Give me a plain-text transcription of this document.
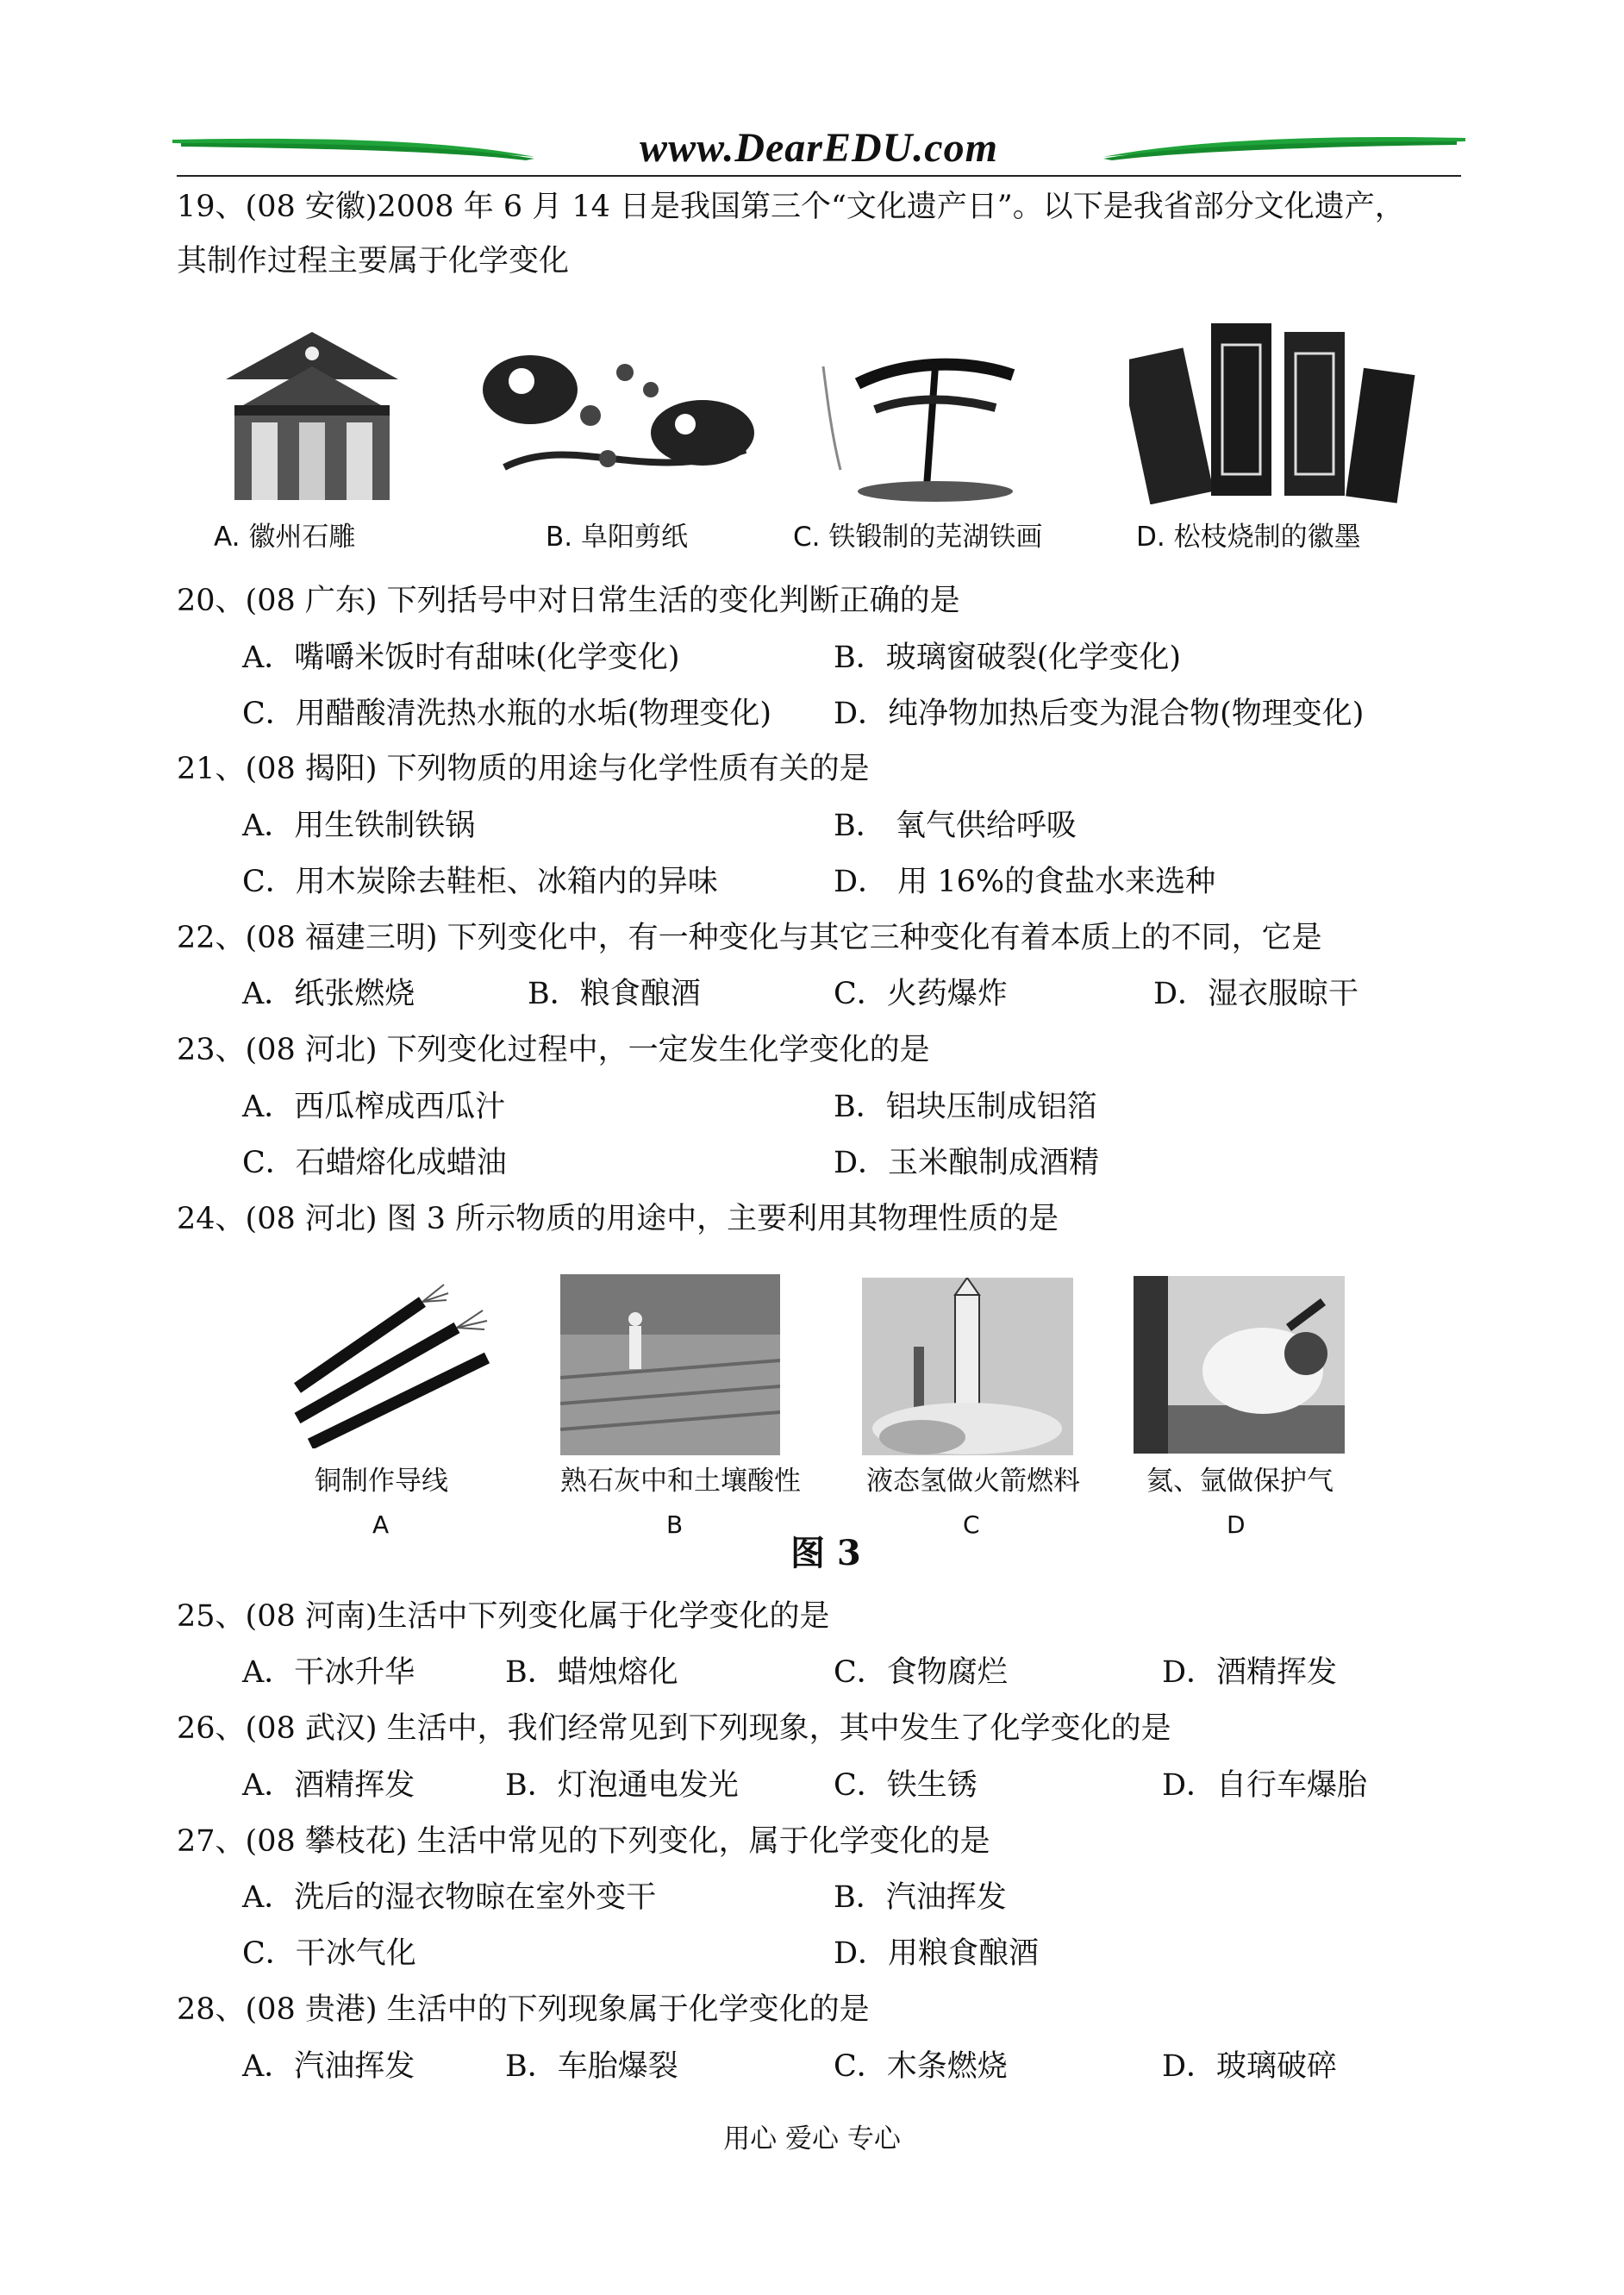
www.DearEDU.com
19、(08 安徽)2008 年 6 月 14 日是我国第三个“文化遗产日”。以下是我省部分文化遗产，
其制作过程主要属于化学变化
A. 徽州石雕	B. 阜阳剪纸	C. 铁锻制的芜湖铁画	D. 松枝烧制的徽墨
20、(08 广东) 下列括号中对日常生活的变化判断正确的是
A．嘴嚼米饭时有甜味(化学变化)	B．玻璃窗破裂(化学变化)
C．用醋酸清洗热水瓶的水垢(物理变化) D．纯净物加热后变为混合物(物理变化)
21、(08 揭阳) 下列物质的用途与化学性质有关的是
A．用生铁制铁锅	B． 氧气供给呼吸
C．用木炭除去鞋柜、冰箱内的异味	D． 用 16%的食盐水来选种
22、(08 福建三明) 下列变化中，有一种变化与其它三种变化有着本质上的不同，它是
A．纸张燃烧	B．粮食酿酒	C．火药爆炸	D．湿衣服晾干
23、(08 河北) 下列变化过程中，一定发生化学变化的是
A．西瓜榨成西瓜汁	B．铝块压制成铝箔
C．石蜡熔化成蜡油	D．玉米酿制成酒精
24、(08 河北) 图 3 所示物质的用途中，主要利用其物理性质的是
铜制作导线
A
熟石灰中和土壤酸性
B
液态氢做火箭燃料
C
氦、氩做保护气
D
图 3
25、(08 河南)生活中下列变化属于化学变化的是
A．干冰升华	B．蜡烛熔化	C．食物腐烂	D．酒精挥发
26、(08 武汉) 生活中，我们经常见到下列现象，其中发生了化学变化的是
A．酒精挥发	B．灯泡通电发光	C．铁生锈	D．自行车爆胎
27、(08 攀枝花) 生活中常见的下列变化，属于化学变化的是
A．洗后的湿衣物晾在室外变干	B．汽油挥发
C．干冰气化	D．用粮食酿酒
28、(08 贵港) 生活中的下列现象属于化学变化的是
A．汽油挥发	B．车胎爆裂	C．木条燃烧	D．玻璃破碎
用心 爱心 专心
